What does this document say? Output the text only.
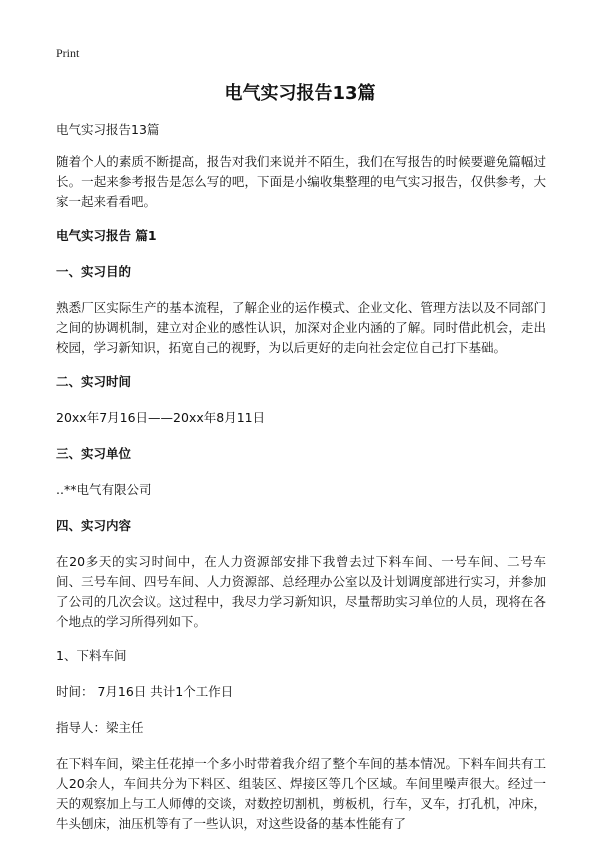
Print
电气实习报告13篇

电气实习报告13篇

随着个人的素质不断提高，报告对我们来说并不陌生，我们在写报告的时候要避免篇幅过长。一起来参考报告是怎么写的吧，下面是小编收集整理的电气实习报告，仅供参考，大家一起来看看吧。

电气实习报告 篇1

一、实习目的

熟悉厂区实际生产的基本流程，了解企业的运作模式、企业文化、管理方法以及不同部门之间的协调机制，建立对企业的感性认识，加深对企业内涵的了解。同时借此机会，走出校园，学习新知识，拓宽自己的视野，为以后更好的走向社会定位自己打下基础。

二、实习时间

20xx年7月16日——20xx年8月11日

三、实习单位

..**电气有限公司

四、实习内容

在20多天的实习时间中，在人力资源部安排下我曾去过下料车间、一号车间、二号车间、三号车间、四号车间、人力资源部、总经理办公室以及计划调度部进行实习，并参加了公司的几次会议。这过程中，我尽力学习新知识，尽量帮助实习单位的人员，现将在各个地点的学习所得列如下。

1、下料车间

时间： 7月16日 共计1个工作日

指导人：梁主任

在下料车间，梁主任花掉一个多小时带着我介绍了整个车间的基本情况。下料车间共有工人20余人，车间共分为下料区、组装区、焊接区等几个区域。车间里噪声很大。经过一天的观察加上与工人师傅的交谈，对数控切割机，剪板机，行车，叉车，打孔机，冲床，牛头刨床，油压机等有了一些认识，对这些设备的基本性能有了
